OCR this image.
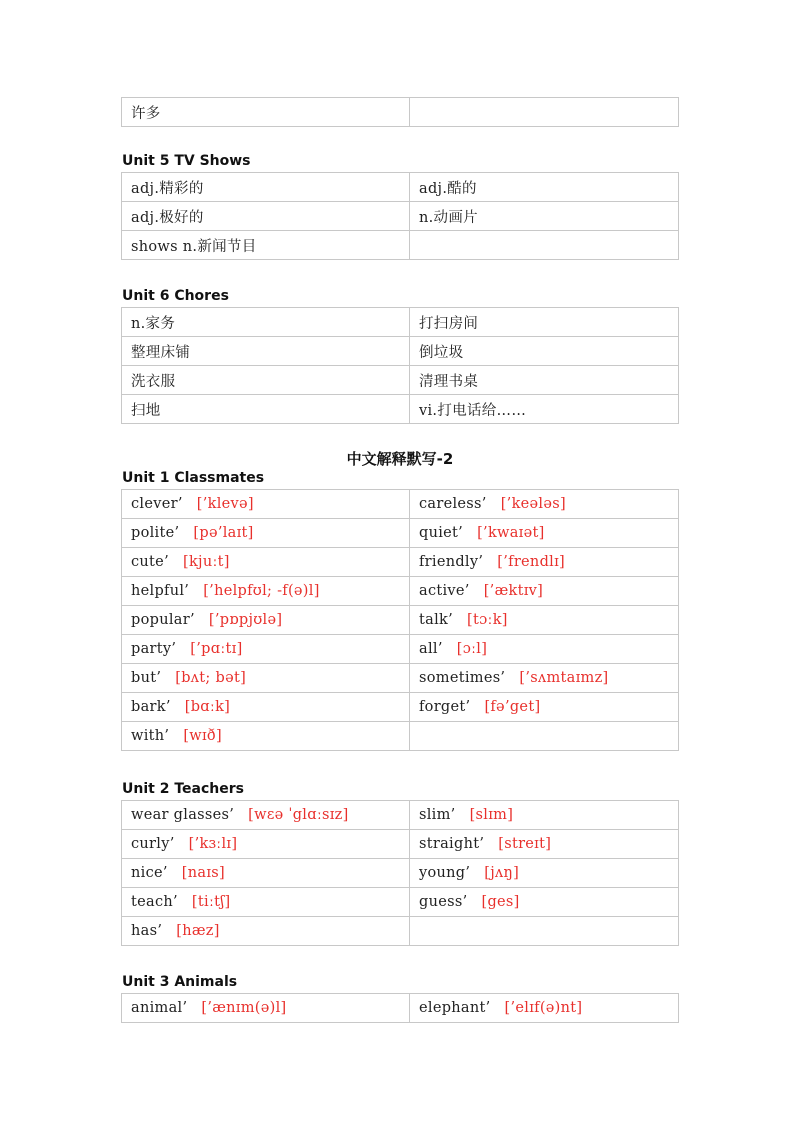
许多	
Unit 5 TV Shows
adj.精彩的	adj.酷的
adj.极好的	n.动画片
shows n.新闻节目	
Unit 6 Chores
n.家务	打扫房间
整理床铺	倒垃圾
洗衣服	清理书桌
扫地	vi.打电话给……
中文解释默写-2
Unit 1 Classmates
clever’ [’klevə]	careless’ [’keələs]
polite’ [pə’laɪt]	quiet’ [’kwaɪət]
cute’ [kjuːt]	friendly’ [’frendlɪ]
helpful’ [’helpfʊl; -f(ə)l]	active’ [’æktɪv]
popular’ [’pɒpjʊlə]	talk’ [tɔːk]
party’ [’pɑːtɪ]	all’ [ɔːl]
but’ [bʌt; bət]	sometimes’ [’sʌmtaɪmz]
bark’ [bɑːk]	forget’ [fə’get]
with’ [wɪð]	
Unit 2 Teachers
wear glasses’ [wɛə ˈglɑːsɪz]	slim’ [slɪm]
curly’ [’kɜːlɪ]	straight’ [streɪt]
nice’ [naɪs]	young’ [jʌŋ]
teach’ [tiːtʃ]	guess’ [ges]
has’ [hæz]	
Unit 3 Animals
animal’ [’ænɪm(ə)l]	elephant’ [’elɪf(ə)nt]
